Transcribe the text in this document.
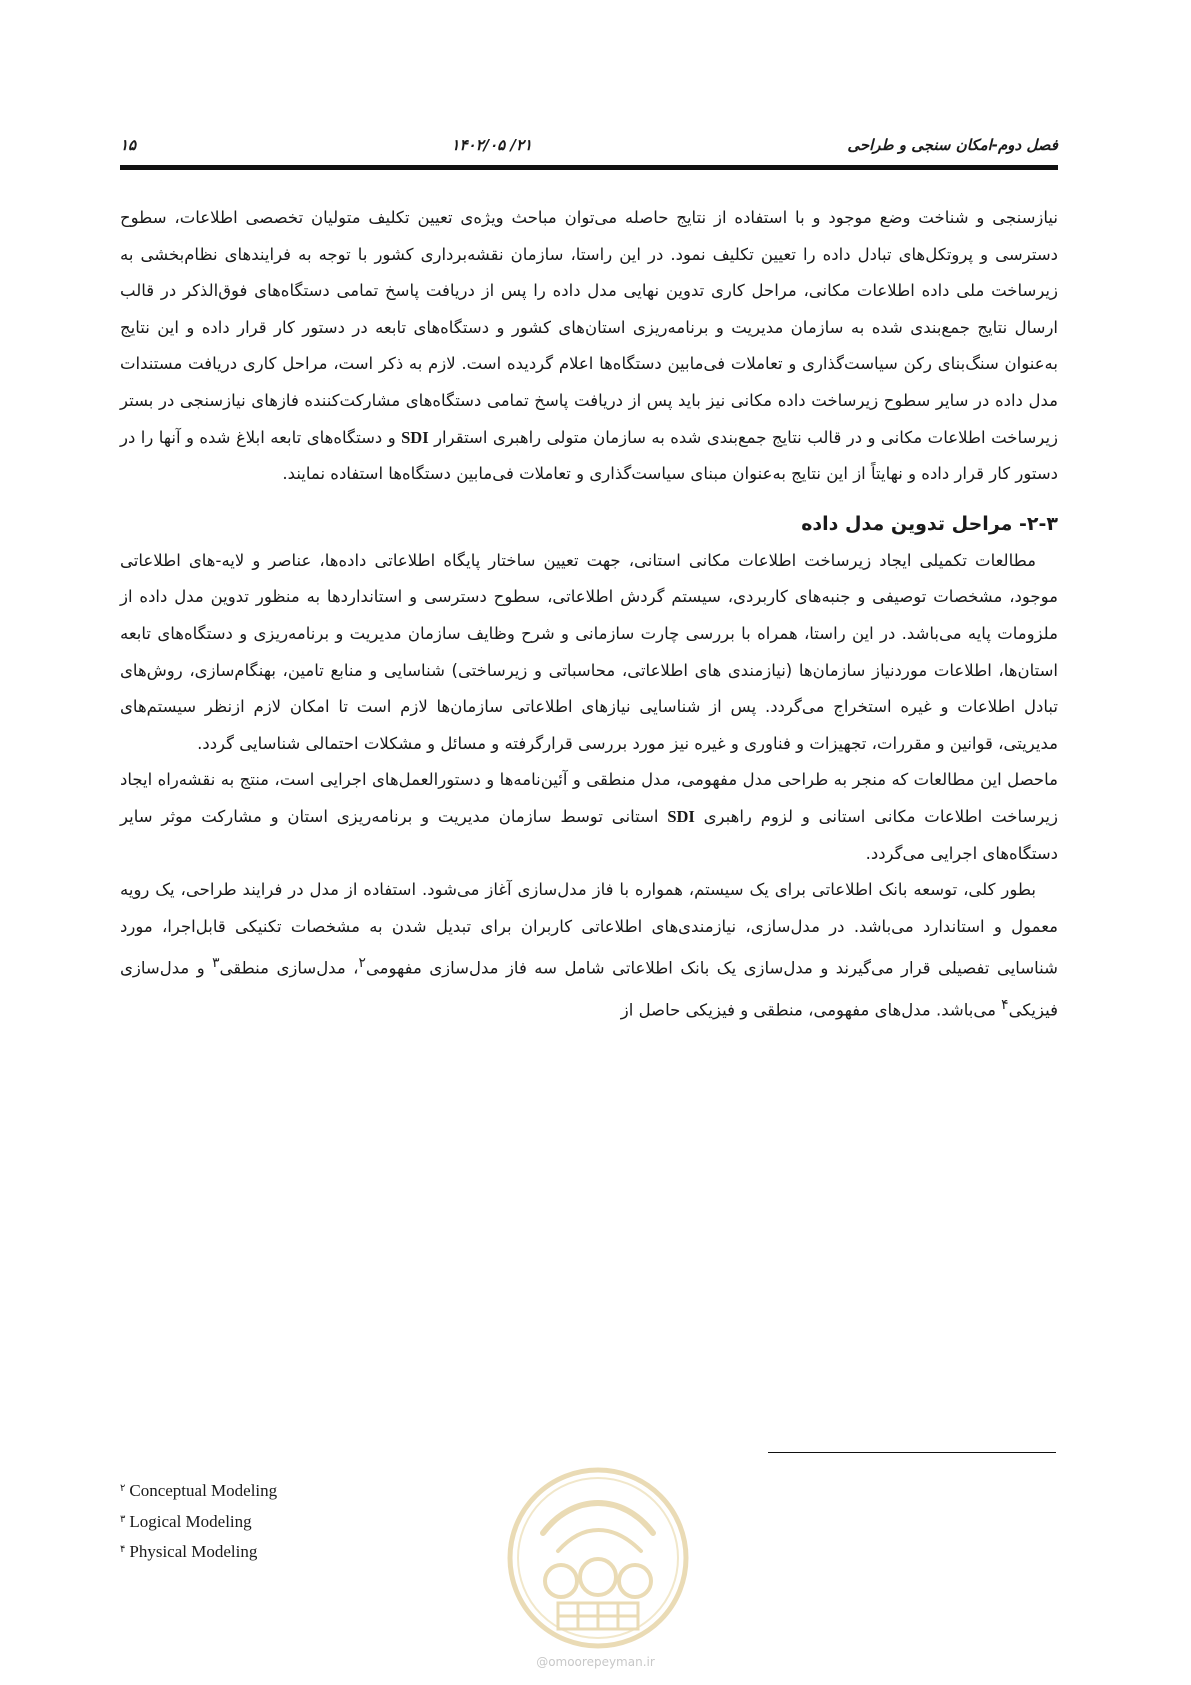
۱۵	۱۴۰۲/۰۵ /۲۱	فصل دوم-امکان سنجی و طراحی

نیازسنجی و شناخت وضع موجود و با استفاده از نتایج حاصله می‌توان مباحث ویژه‌ی تعیین تکلیف متولیان تخصصی اطلاعات، سطوح دسترسی و پروتکل‌های تبادل داده را تعیین تکلیف نمود. در این راستا، سازمان نقشه‌برداری کشور با توجه به فرایندهای نظام‌بخشی به زیرساخت ملی داده اطلاعات مکانی، مراحل کاری تدوین نهایی مدل داده را پس از دریافت پاسخ تمامی دستگاه‌های فوق‌الذکر در قالب ارسال نتایج جمع‌بندی شده به سازمان مدیریت و برنامه‌ریزی استان‌های کشور و دستگاه‌های تابعه در دستور کار قرار داده و این نتایج به‌عنوان سنگ‌بنای رکن سیاست‌گذاری و تعاملات فی‌مابین دستگاه‌ها اعلام گردیده است. لازم به ذکر است، مراحل کاری دریافت مستندات مدل داده در سایر سطوح زیرساخت داده مکانی نیز باید پس از دریافت پاسخ تمامی دستگاه‌های مشارکت‌کننده فازهای نیازسنجی در بستر زیرساخت اطلاعات مکانی و در قالب نتایج جمع‌بندی شده به سازمان متولی راهبری استقرار SDI و دستگاه‌های تابعه ابلاغ شده و آنها را در دستور کار قرار داده و نهایتاً از این نتایج به‌عنوان مبنای سیاست‌گذاری و تعاملات فی‌مابین دستگاه‌ها استفاده نمایند.

۲-۳- مراحل تدوین مدل داده

مطالعات تکمیلی ایجاد زیرساخت اطلاعات مکانی استانی، جهت تعیین ساختار پایگاه اطلاعاتی داده‌ها، عناصر و لایه-های اطلاعاتی موجود، مشخصات توصیفی و جنبه‌های کاربردی، سیستم گردش اطلاعاتی، سطوح دسترسی و استانداردها به منظور تدوین مدل داده از ملزومات پایه می‌باشد. در این راستا، همراه با بررسی چارت سازمانی و شرح وظایف سازمان مدیریت و برنامه‌ریزی و دستگاه‌های تابعه استان‌ها، اطلاعات موردنیاز سازمان‌ها (نیازمندی های اطلاعاتی، محاسباتی و زیرساختی) شناسایی و منابع تامین، بهنگام‌سازی، روش‌های تبادل اطلاعات و غیره استخراج می‌گردد. پس از شناسایی نیازهای اطلاعاتی سازمان‌ها لازم است تا امکان لازم ازنظر سیستم‌های مدیریتی، قوانین و مقررات، تجهیزات و فناوری و غیره نیز مورد بررسی قرارگرفته و مسائل و مشکلات احتمالی شناسایی گردد.

ماحصل این مطالعات که منجر به طراحی مدل مفهومی، مدل منطقی و آئین‌نامه‌ها و دستورالعمل‌های اجرایی است، منتج به نقشه‌راه ایجاد زیرساخت اطلاعات مکانی استانی و لزوم راهبری SDI استانی توسط سازمان مدیریت و برنامه‌ریزی استان و مشارکت موثر سایر دستگاه‌های اجرایی می‌گردد.

بطور کلی، توسعه بانک اطلاعاتی برای یک سیستم، همواره با فاز مدل‌سازی آغاز می‌شود. استفاده از مدل در فرایند طراحی، یک رویه معمول و استاندارد می‌باشد. در مدل‌سازی، نیازمندی‌های اطلاعاتی کاربران برای تبدیل شدن به مشخصات تکنیکی قابل‌اجرا، مورد شناسایی تفصیلی قرار می‌گیرند و مدل‌سازی یک بانک اطلاعاتی شامل سه فاز مدل‌سازی مفهومی$^۲$، مدل‌سازی منطقی$^۳$ و مدل‌سازی فیزیکی$^۴$ می‌باشد. مدل‌های مفهومی، منطقی و فیزیکی حاصل از

$^۲$ Conceptual Modeling
$^۳$ Logical Modeling
$^۴$ Physical Modeling
@omoorepeyman.ir
